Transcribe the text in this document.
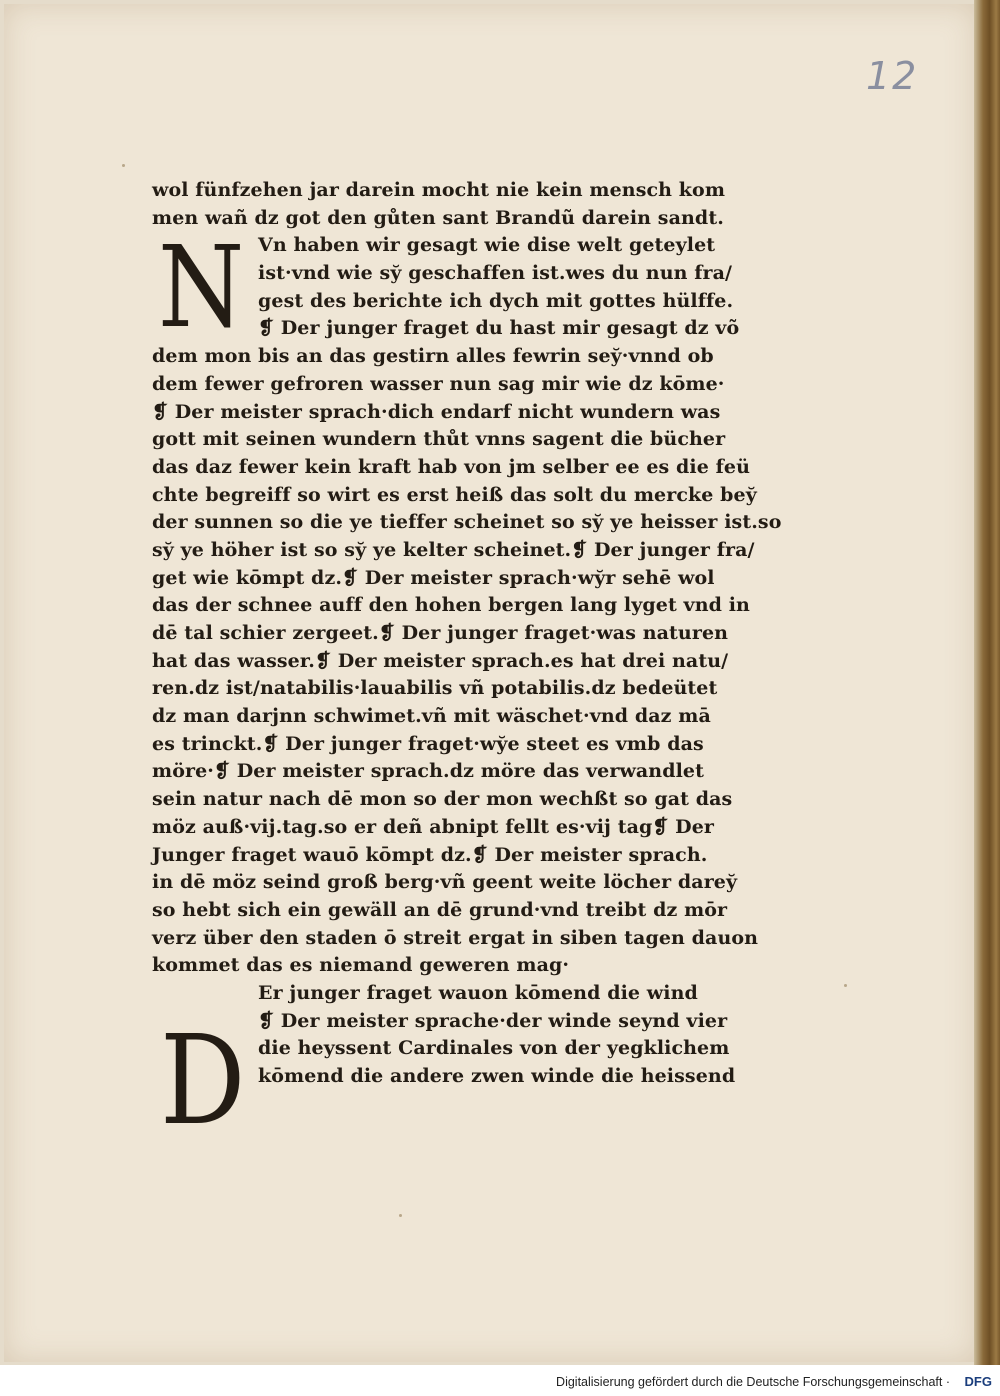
12
N
D
wol fünfzehen jar darein mocht nie kein mensch kom
men wañ dz got den gůten sant Brandũ darein sandt.
Vn haben wir gesagt wie dise welt geteylet
ist·vnd wie sy̆ geschaffen ist.wes du nun fra/
gest des berichte ich dych mit gottes hülffe.
❡ Der junger fraget du hast mir gesagt dz võ
dem mon bis an das gestirn alles fewrin sey̆·vnnd ob
dem fewer gefroren wasser nun sag mir wie dz kōme·
❡ Der meister sprach·dich endarf nicht wundern was
gott mit seinen wundern thůt vnns sagent die bücher
das daz fewer kein kraft hab von jm selber ee es die feü
chte begreiff so wirt es erst heiß das solt du mercke bey̆
der sunnen so die ye tieffer scheinet so sy̆ ye heisser ist.so
sy̆ ye höher ist so sy̆ ye kelter scheinet.❡ Der junger fra/
get wie kōmpt dz.❡ Der meister sprach·wy̆r sehē wol
das der schnee auff den hohen bergen lang lyget vnd in
dē tal schier zergeet.❡ Der junger fraget·was naturen
hat das wasser.❡ Der meister sprach.es hat drei natu/
ren.dz ist/natabilis·lauabilis vñ potabilis.dz bedeütet
dz man darjnn schwimet.vñ mit wäschet·vnd daz mā
es trinckt.❡ Der junger fraget·wy̆e steet es vmb das
möre·❡ Der meister sprach.dz möre das verwandlet
sein natur nach dē mon so der mon wechßt so gat das
möz auß·vij.tag.so er deñ abnipt fellt es·vij tag❡ Der
Junger fraget wauō kōmpt dz.❡ Der meister sprach.
in dē möz seind groß berg·vñ geent weite löcher darey̆
so hebt sich ein gewäll an dē grund·vnd treibt dz mōr
verz über den staden ō streit ergat in siben tagen dauon
kommet das es niemand geweren mag·
Er junger fraget wauon kōmend die wind
❡ Der meister sprache·der winde seynd vier
die heyssent Cardinales von der yegklichem
kōmend die andere zwen winde die heissend
Digitalisierung gefördert durch die Deutsche Forschungsgemeinschaft · DFG
